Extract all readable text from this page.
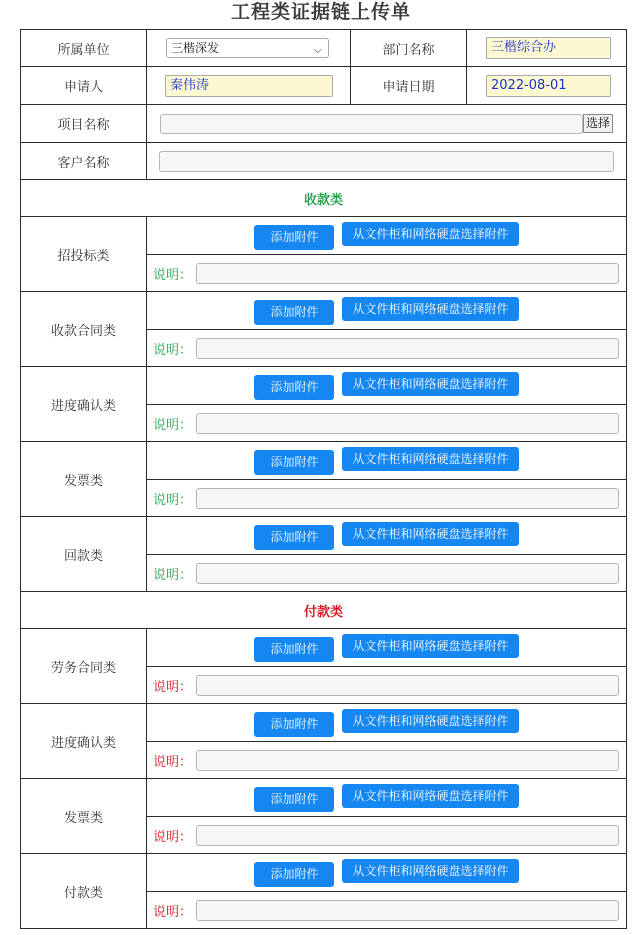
工程类证据链上传单
所属单位	三楷深发 ⌵	部门名称	三楷综合办

申请人	秦伟涛	申请日期	2022-08-01

项目名称	选择		

客户名称			

收款类			
招投标类	添加附件 从文件柜和网络硬盘选择附件		

	说明：		

收款合同类	添加附件 从文件柜和网络硬盘选择附件		

	说明：		

进度确认类	添加附件 从文件柜和网络硬盘选择附件		

	说明：		

发票类	添加附件 从文件柜和网络硬盘选择附件		

	说明：		

回款类	添加附件 从文件柜和网络硬盘选择附件		

	说明：		

付款类			
劳务合同类	添加附件 从文件柜和网络硬盘选择附件		

	说明：		

进度确认类	添加附件 从文件柜和网络硬盘选择附件		

	说明：		

发票类	添加附件 从文件柜和网络硬盘选择附件		

	说明：		

付款类	添加附件 从文件柜和网络硬盘选择附件		

	说明：		
